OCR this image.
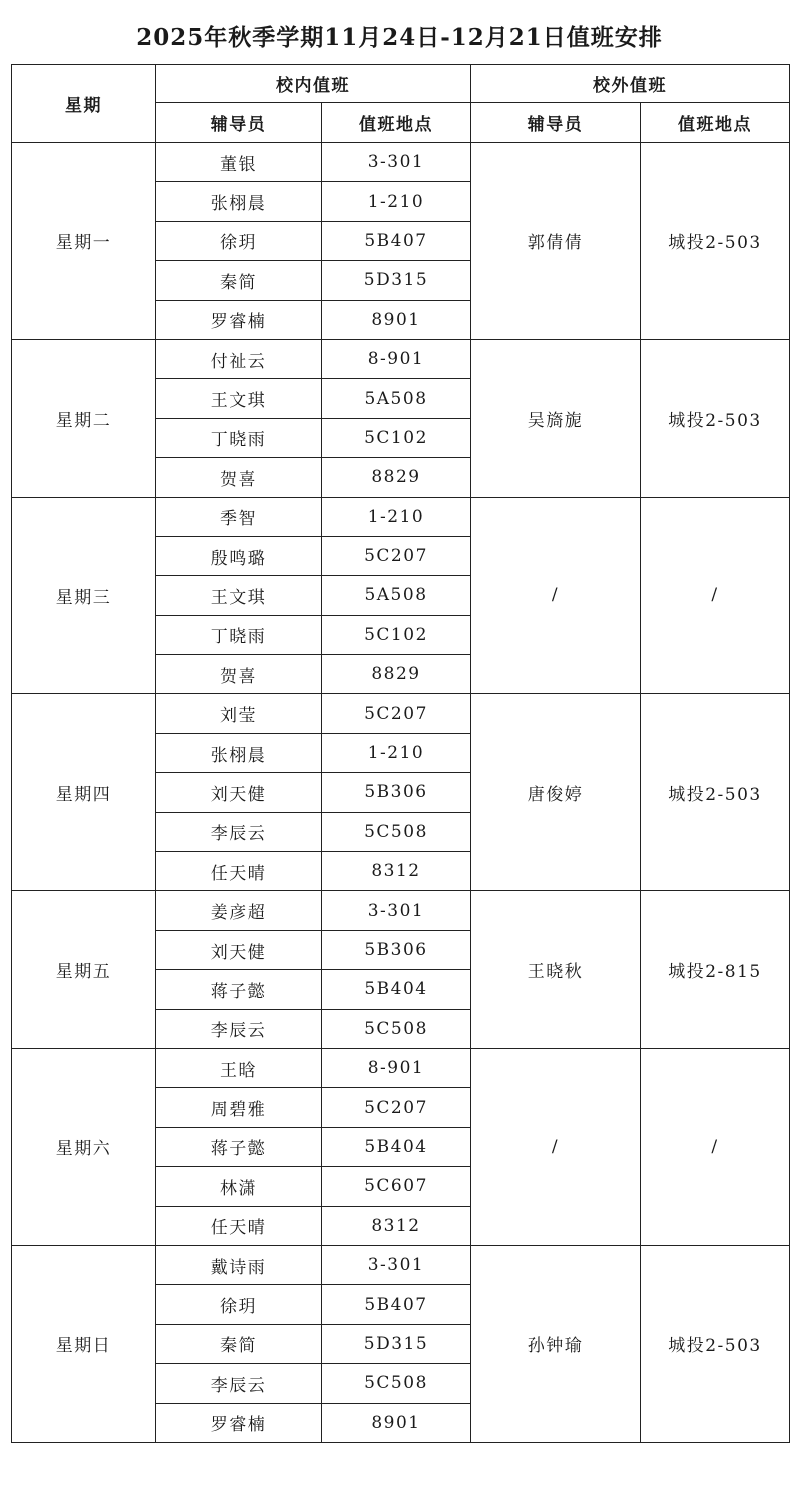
2025年秋季学期11月24日-12月21日值班安排
星期	校内值班		校外值班	
	辅导员	值班地点	辅导员	值班地点
星期一	董银	3-301	郭倩倩	城投2-503
	张栩晨	1-210		
	徐玥	5B407		
	秦简	5D315		
	罗睿楠	8901		
星期二	付祉云	8-901	吴旖旎	城投2-503
	王文琪	5A508		
	丁晓雨	5C102		
	贺喜	8829		
星期三	季智	1-210	/	/
	殷鸣璐	5C207		
	王文琪	5A508		
	丁晓雨	5C102		
	贺喜	8829		
星期四	刘莹	5C207	唐俊婷	城投2-503
	张栩晨	1-210		
	刘天健	5B306		
	李辰云	5C508		
	任天晴	8312		
星期五	姜彦超	3-301	王晓秋	城投2-815
	刘天健	5B306		
	蒋子懿	5B404		
	李辰云	5C508		
星期六	王晗	8-901	/	/
	周碧雅	5C207		
	蒋子懿	5B404		
	林潇	5C607		
	任天晴	8312		
星期日	戴诗雨	3-301	孙钟瑜	城投2-503
	徐玥	5B407		
	秦简	5D315		
	李辰云	5C508		
	罗睿楠	8901		
